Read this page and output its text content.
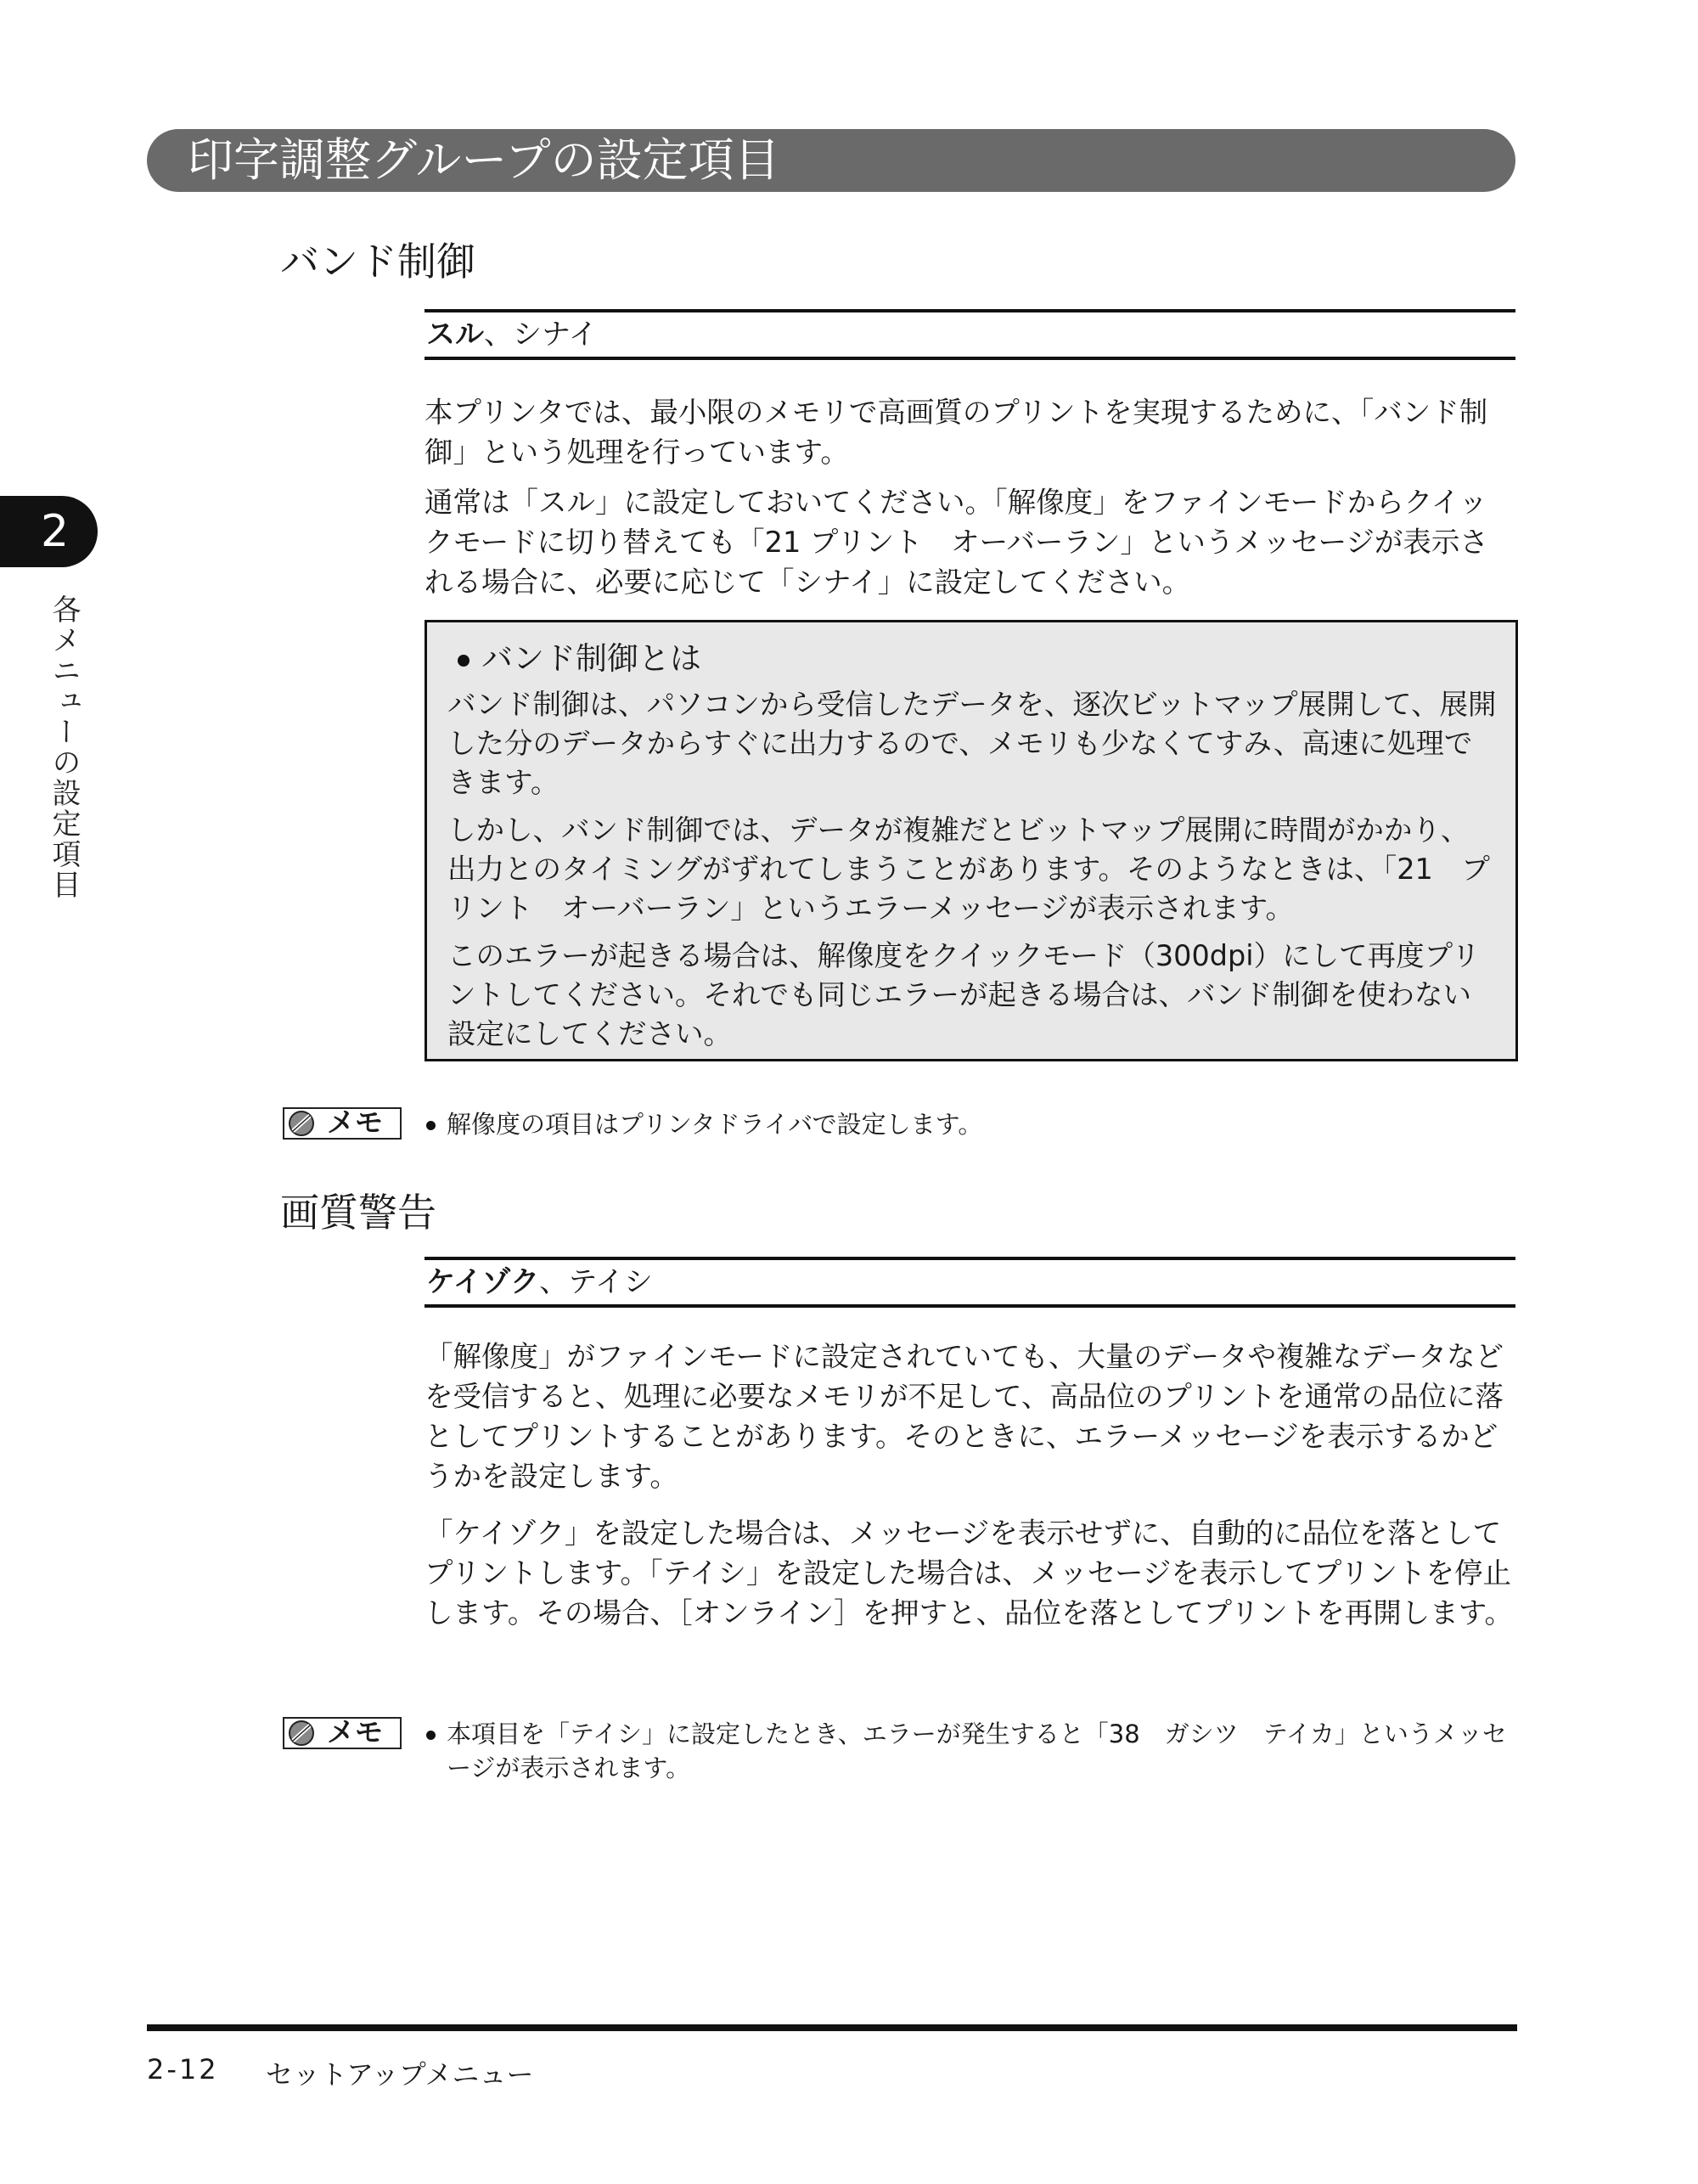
印字調整グループの設定項目
2
各メニューの設定項目
バンド制御
スル、シナイ

本プリンタでは、最小限のメモリで高画質のプリントを実現するために、「バンド制御」という処理を行っています。

通常は「スル」に設定しておいてください。「解像度」をファインモードからクイックモードに切り替えても「21 プリント　オーバーラン」というメッセージが表示される場合に、必要に応じて「シナイ」に設定してください。

バンド制御とは

バンド制御は、パソコンから受信したデータを、逐次ビットマップ展開して、展開した分のデータからすぐに出力するので、メモリも少なくてすみ、高速に処理できます。

しかし、バンド制御では、データが複雑だとビットマップ展開に時間がかかり、出力とのタイミングがずれてしまうことがあります。そのようなときは、「21　プリント　オーバーラン」というエラーメッセージが表示されます。

このエラーが起きる場合は、解像度をクイックモード（300dpi）にして再度プリントしてください。それでも同じエラーが起きる場合は、バンド制御を使わない設定にしてください。

メモ	解像度の項目はプリンタドライバで設定します。

画質警告
ケイゾク、テイシ

「解像度」がファインモードに設定されていても、大量のデータや複雑なデータなどを受信すると、処理に必要なメモリが不足して、高品位のプリントを通常の品位に落としてプリントすることがあります。そのときに、エラーメッセージを表示するかどうかを設定します。

「ケイゾク」を設定した場合は、メッセージを表示せずに、自動的に品位を落としてプリントします。「テイシ」を設定した場合は、メッセージを表示してプリントを停止します。その場合、［オンライン］を押すと、品位を落としてプリントを再開します。

メモ	本項目を「テイシ」に設定したとき、エラーが発生すると「38　ガシツ　テイカ」というメッセージが表示されます。

2-12 セットアップメニュー
